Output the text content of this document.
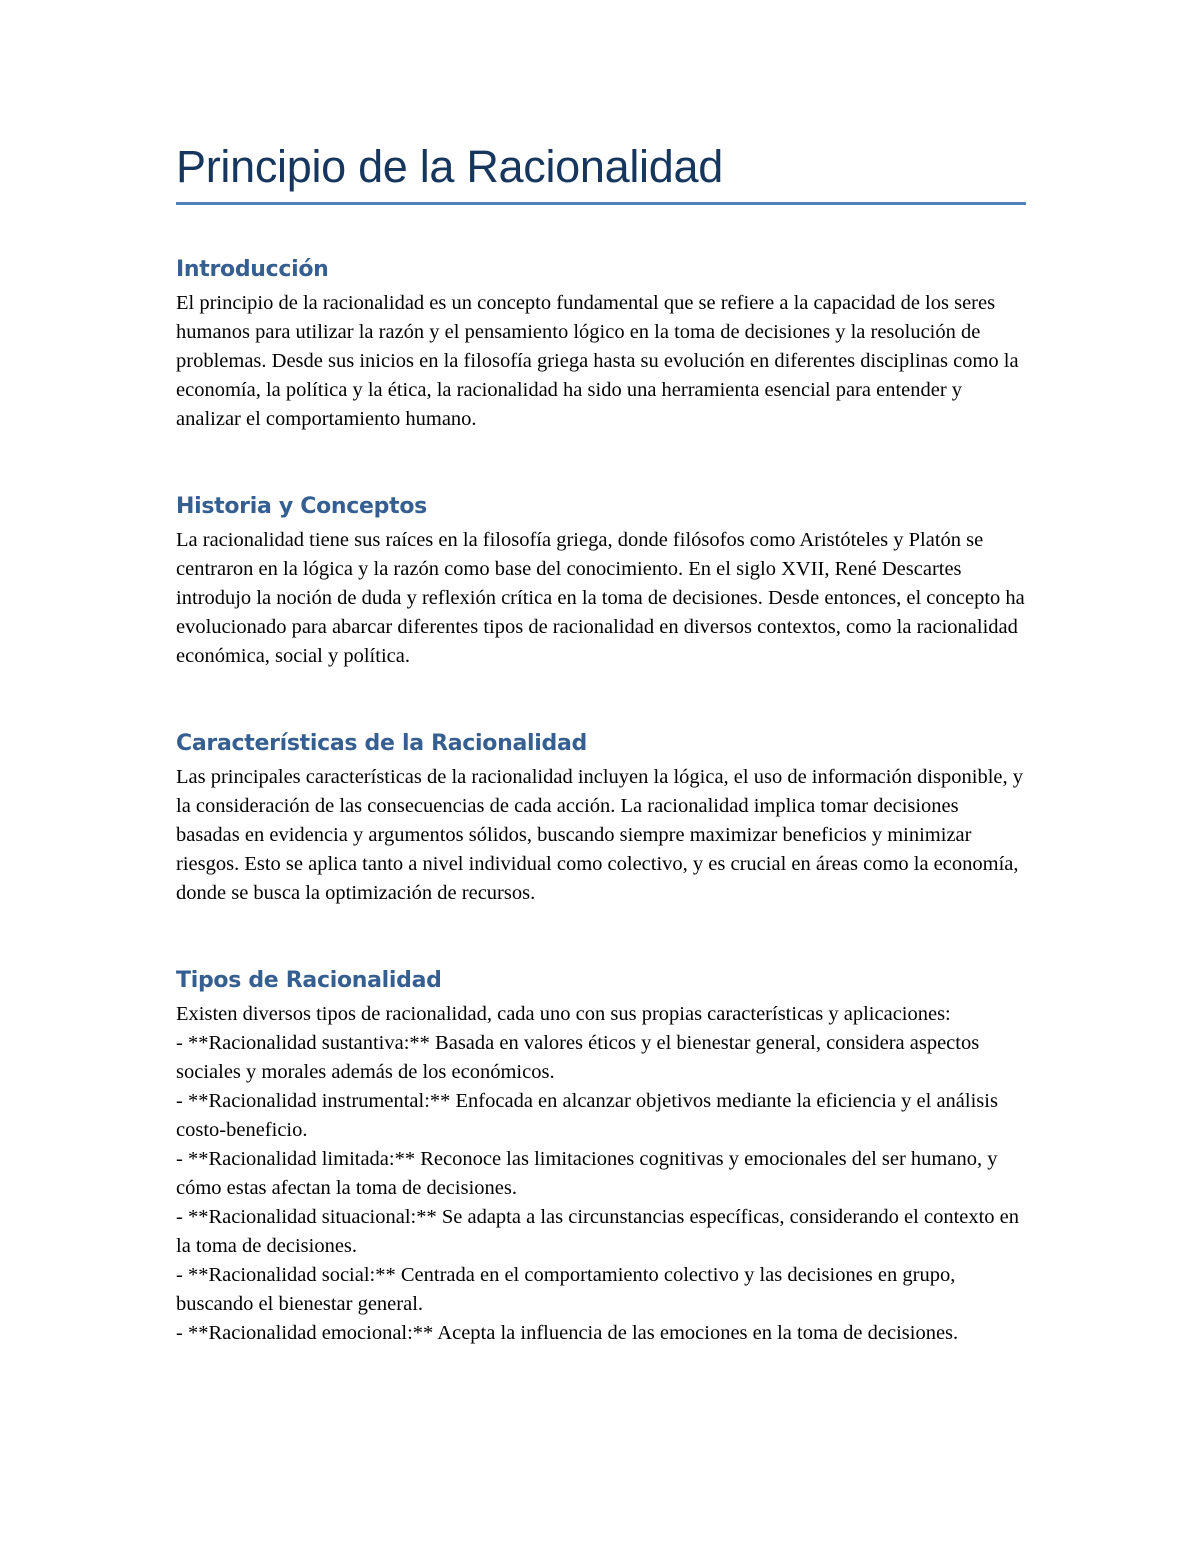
Principio de la Racionalidad
Introducción

El principio de la racionalidad es un concepto fundamental que se refiere a la capacidad de los seres humanos para utilizar la razón y el pensamiento lógico en la toma de decisiones y la resolución de problemas. Desde sus inicios en la filosofía griega hasta su evolución en diferentes disciplinas como la economía, la política y la ética, la racionalidad ha sido una herramienta esencial para entender y analizar el comportamiento humano.

Historia y Conceptos

La racionalidad tiene sus raíces en la filosofía griega, donde filósofos como Aristóteles y Platón se centraron en la lógica y la razón como base del conocimiento. En el siglo XVII, René Descartes introdujo la noción de duda y reflexión crítica en la toma de decisiones. Desde entonces, el concepto ha evolucionado para abarcar diferentes tipos de racionalidad en diversos contextos, como la racionalidad económica, social y política.

Características de la Racionalidad

Las principales características de la racionalidad incluyen la lógica, el uso de información disponible, y la consideración de las consecuencias de cada acción. La racionalidad implica tomar decisiones basadas en evidencia y argumentos sólidos, buscando siempre maximizar beneficios y minimizar riesgos. Esto se aplica tanto a nivel individual como colectivo, y es crucial en áreas como la economía, donde se busca la optimización de recursos.

Tipos de Racionalidad

Existen diversos tipos de racionalidad, cada uno con sus propias características y aplicaciones:

- **Racionalidad sustantiva:** Basada en valores éticos y el bienestar general, considera aspectos sociales y morales además de los económicos.

- **Racionalidad instrumental:** Enfocada en alcanzar objetivos mediante la eficiencia y el análisis costo-beneficio.

- **Racionalidad limitada:** Reconoce las limitaciones cognitivas y emocionales del ser humano, y cómo estas afectan la toma de decisiones.

- **Racionalidad situacional:** Se adapta a las circunstancias específicas, considerando el contexto en la toma de decisiones.

- **Racionalidad social:** Centrada en el comportamiento colectivo y las decisiones en grupo, buscando el bienestar general.

- **Racionalidad emocional:** Acepta la influencia de las emociones en la toma de decisiones.
